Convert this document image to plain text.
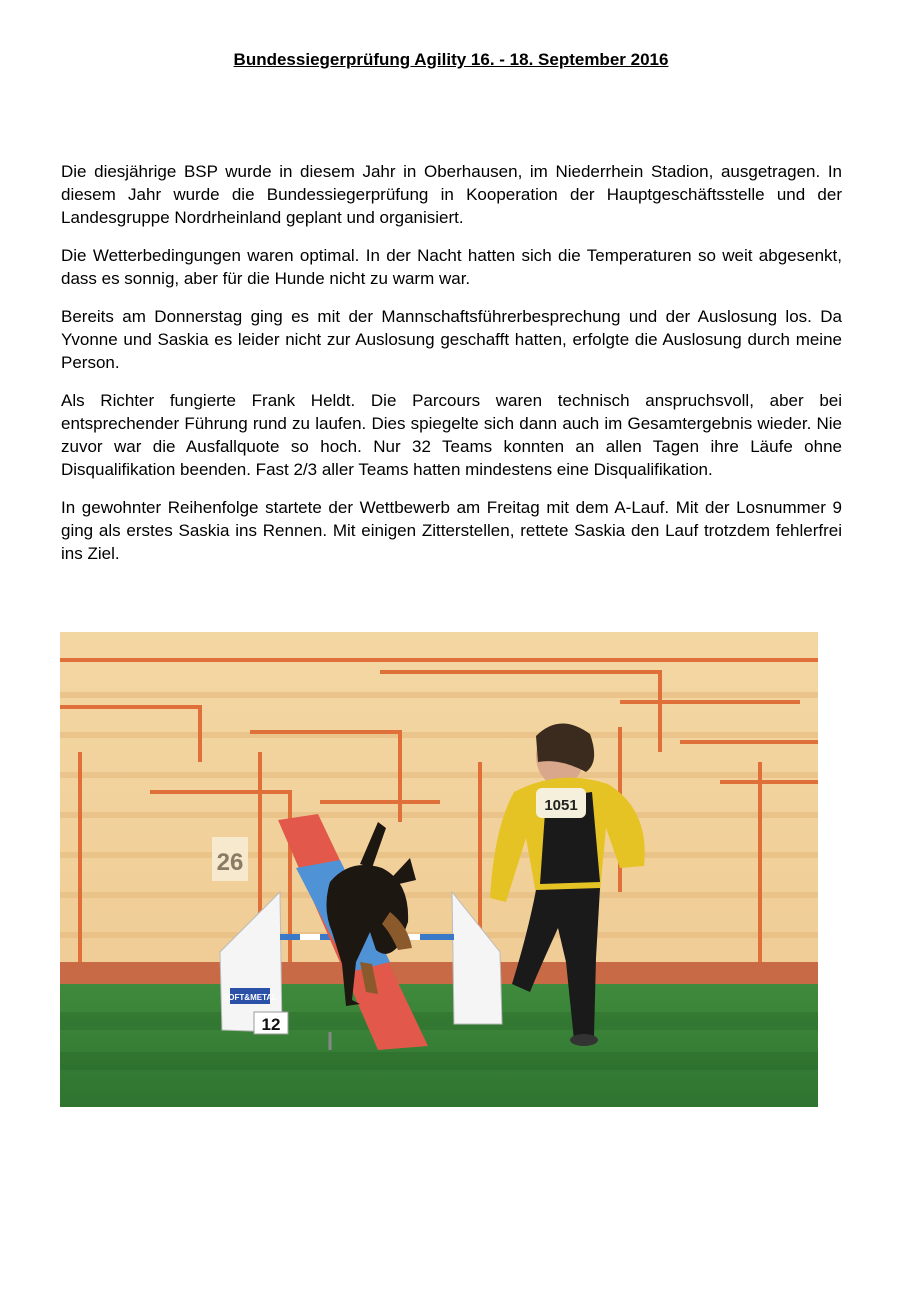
Bundessiegerprüfung Agility 16. - 18. September 2016

Die diesjährige BSP wurde in diesem Jahr in Oberhausen, im Niederrhein Stadion, ausgetragen. In diesem Jahr wurde die Bundessiegerprüfung in Kooperation der Hauptgeschäftsstelle und der Landesgruppe Nordrheinland geplant und organisiert.

Die Wetterbedingungen waren optimal. In der Nacht hatten sich die Temperaturen so weit abgesenkt, dass es sonnig, aber für die Hunde nicht zu warm war.

Bereits am Donnerstag ging es mit der Mannschaftsführerbesprechung und der Auslosung los. Da Yvonne und Saskia es leider nicht zur Auslosung geschafft hatten, erfolgte die Auslosung durch meine Person.

Als Richter fungierte Frank Heldt. Die Parcours waren technisch anspruchsvoll, aber bei entsprechender Führung rund zu laufen. Dies spiegelte sich dann auch im Gesamtergebnis wieder. Nie zuvor war die Ausfallquote so hoch. Nur 32 Teams konnten an allen Tagen ihre Läufe ohne Disqualifikation beenden. Fast 2/3 aller Teams hatten mindestens eine Disqualifikation.

In gewohnter Reihenfolge startete der Wettbewerb am Freitag mit dem A-Lauf. Mit der Losnummer 9 ging als erstes Saskia ins Rennen. Mit einigen Zitterstellen, rettete Saskia den Lauf trotzdem fehlerfrei ins Ziel.

26
SOFT&METAL
12
1051
